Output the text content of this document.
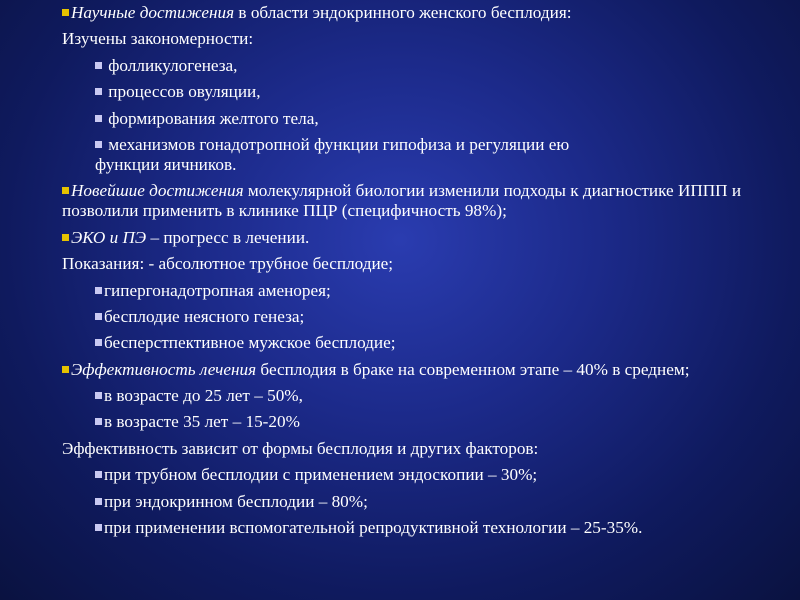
Научные достижения в области эндокринного женского бесплодия:
Изучены закономерности:
фолликулогенеза,
процессов овуляции,
формирования желтого тела,
механизмов гонадотропной функции гипофиза и регуляции ею
функции яичников.
Новейшие достижения молекулярной биологии изменили подходы к диагностике ИППП и позволили применить в клинике ПЦР (специфичность 98%);
ЭКО и ПЭ – прогресс в лечении.
Показания: - абсолютное трубное бесплодие;
гипергонадотропная аменорея;
бесплодие неясного генеза;
бесперстпективное мужское бесплодие;
Эффективность лечения бесплодия в браке на современном этапе – 40% в среднем;
в возрасте до 25 лет – 50%,
в возрасте 35 лет – 15-20%
Эффективность зависит от формы бесплодия и других факторов:
при трубном бесплодии с применением эндоскопии – 30%;
при эндокринном бесплодии – 80%;
при применении вспомогательной репродуктивной технологии – 25-35%.
